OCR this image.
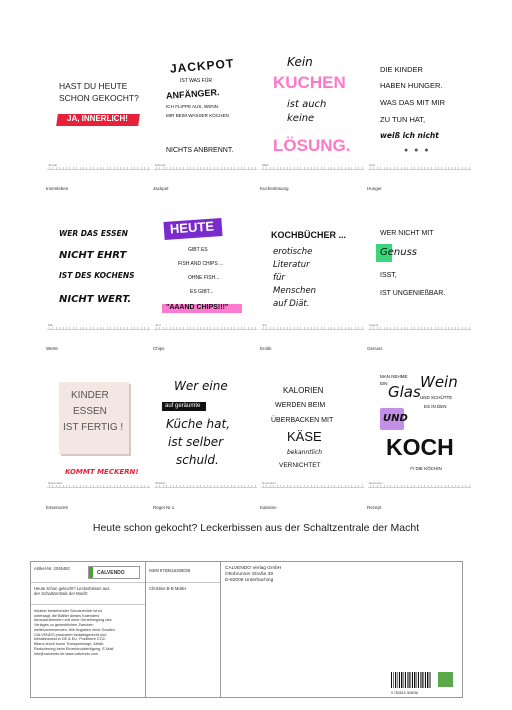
HAST DU HEUTE
SCHON GEKOCHT?
JA, INNERLICH!
Januar
Innenleben
JACKPOT
IST WAS FÜR
ANFÄNGER.
ICH FLIPPE AUS, WENN
MIR BEIM WASSER KOCHEN
NICHTS ANBRENNT.
Februar
Jackpot
Kein
KUCHEN
ist auch
keine
LÖSUNG.
März
Kuchenlösung
DIE KINDER
HABEN HUNGER.
WAS DAS MIT MIR
ZU TUN HAT,
weiß ich nicht
● ● ●
April
Hunger
WER DAS ESSEN
NICHT EHRT
IST DES KOCHENS
NICHT WERT.
Mai
Werte
HEUTE
GIBT ES
FISH AND CHIPS ...
OHNE FISH...
ES GIBT...
"AAAND CHIPS!!!"
Juni
Chips
KOCHBÜCHER ...
erotische
Literatur
für
Menschen
auf Diät.
Juli
Erotik
WER NICHT MIT
Genuss
ISST,
IST UNGENIEßBAR.
August
Genuss
KINDER
ESSEN
IST FERTIG !
KOMMT MECKERN!
September
Essenszeit
Wer eine
auf geräumte
Küche hat,
ist selber
schuld.
Oktober
Regel Nr.1
KALORIEN
WERDEN BEIM
ÜBERBACKEN MIT
KÄSE
bekanntlich
VERNICHTET
November
Kalorien
MAN NEHME
EIN Glas
Wein
UND SCHÜTTE
ES IN DEN
UND
KOCH
/*/ DIE KÖCHIN
Dezember
Rezept
Heute schon gekocht? Leckerbissen aus der Schaltzentrale der Macht
Artikel-Nr. 2045482
CALVENDO
Heute schon gekocht? Leckerbissen aus der Schaltzentrale der Macht
Inhaber bestehender Schutzrechte ist es untersagt, die Blätter dieses Kalenders herauszutrennen und ohne Genehmigung des Verlages zu gewerblichen Zwecken weiterzuverwenden. Alle Angaben ohne Gewähr. CALVENDO produziert bedarfsgerecht und klimabewusst in DE & EU. Positivere CO2-Bilanz durch kurze Transportwege, Abfall-Reduzierung beim Einzeldruckfertigung. E-Mail: info@calvendo.de www.calvendo.com
ISBN 9783516305036
Christine B-B Müller
CALVENDO Verlag GmbH
Ottobrunner Straße 39
D-82008 Unterhaching
9 783516 305036
